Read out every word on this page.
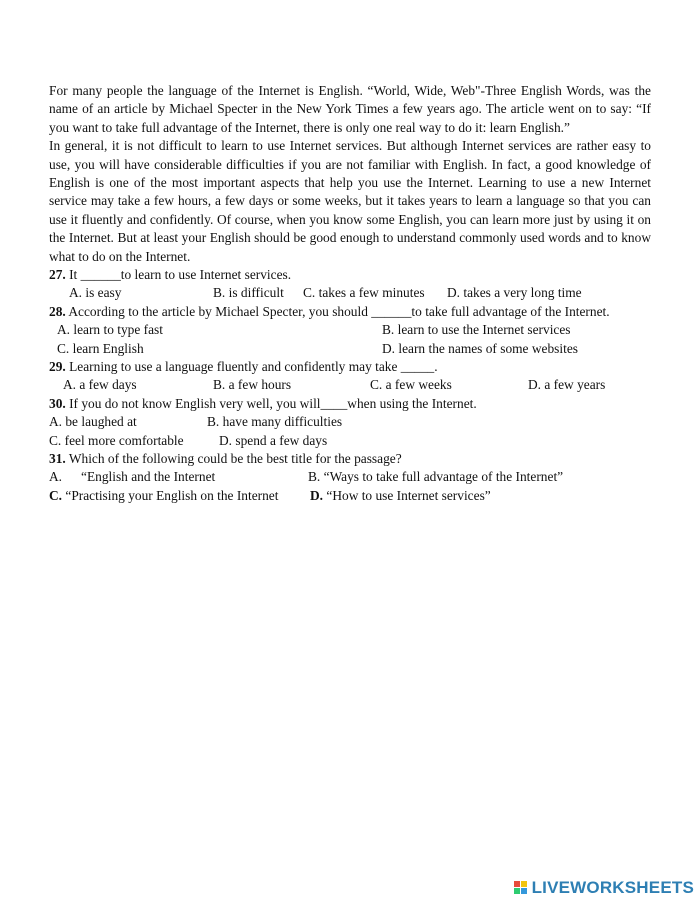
For many people the language of the Internet is English. “World, Wide, Web"-Three English Words, was the name of an article by Michael Specter in the New York Times a few years ago. The article went on to say: “If you want to take full advantage of the Internet, there is only one real way to do it: learn English.”

In general, it is not difficult to learn to use Internet services. But although Internet services are rather easy to use, you will have considerable difficulties if you are not familiar with English. In fact, a good knowledge of English is one of the most important aspects that help you use the Internet. Learning to use a new Internet service may take a few hours, a few days or some weeks, but it takes years to learn a language so that you can use it fluently and confidently. Of course, when you know some English, you can learn more just by using it on the Internet. But at least your English should be good enough to understand commonly used words and to know what to do on the Internet.

27. It ______to learn to use Internet services.

A. is easy	B. is difficult C. takes a few minutes D. takes a very long time

28. According to the article by Michael Specter, you should ______to take full advantage of the Internet.

A. learn to type fast	B. learn to use the Internet services
C. learn English	D. learn the names of some websites

29. Learning to use a language fluently and confidently may take _____.

A. a few days	B. a few hours	C. a few weeks	D. a few years

30. If you do not know English very well, you will____when using the Internet.

A. be laughed at	B. have many difficulties
C. feel more comfortable	D. spend a few days

31. Which of the following could be the best title for the passage?

A. “English and the Internet	B. “Ways to take full advantage of the Internet”
C. “Practising your English on the Internet D. “How to use Internet services”
LIVEWORKSHEETS
